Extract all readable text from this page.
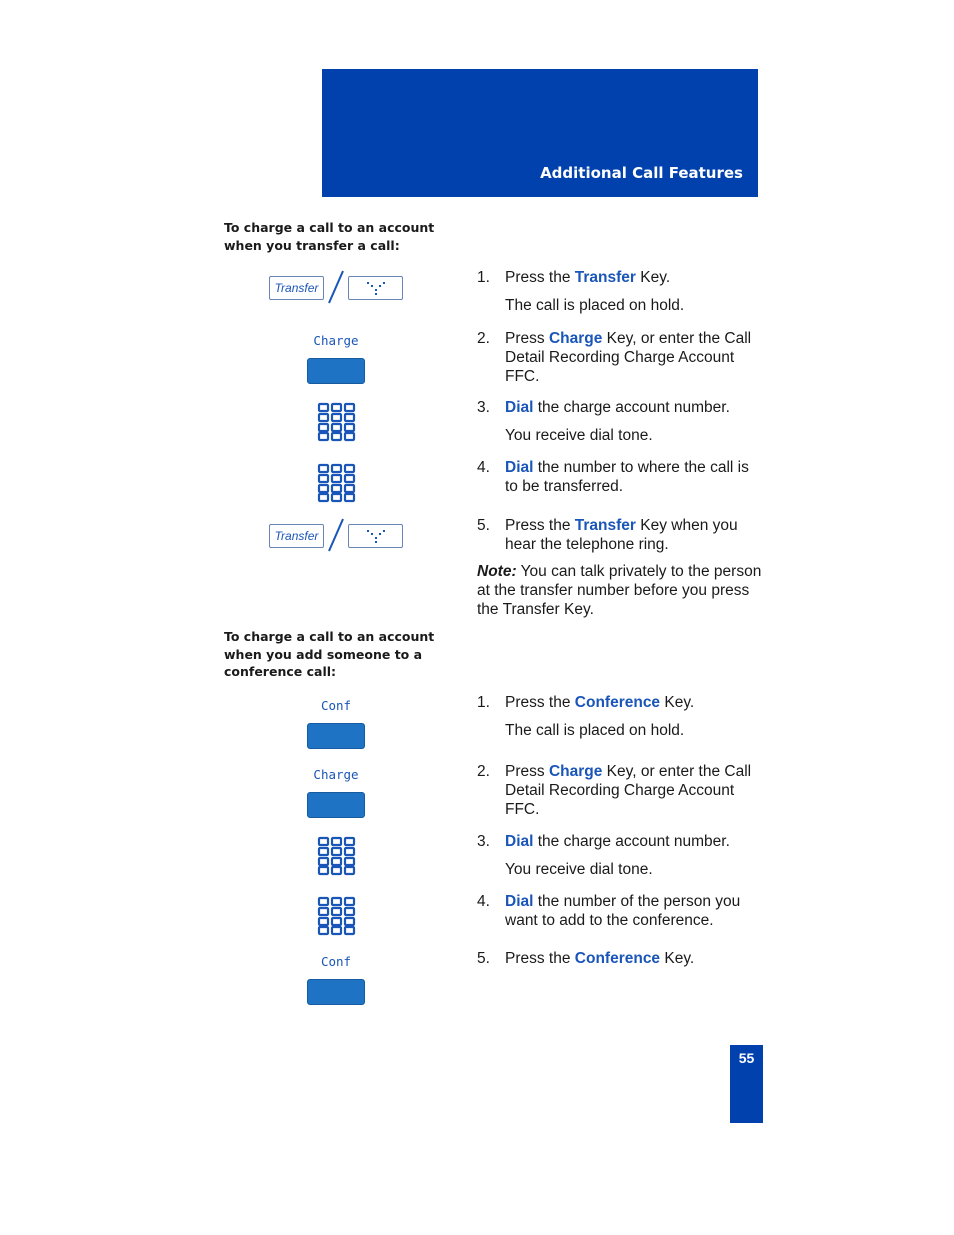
Additional Call Features
To charge a call to an account when you transfer a call:
Transfer
Charge
Transfer
1. Press the Transfer Key.
The call is placed on hold.
2. Press Charge Key, or enter the Call Detail Recording Charge Account FFC.
3. Dial the charge account number.
You receive dial tone.
4. Dial the number to where the call is to be transferred.
5. Press the Transfer Key when you hear the telephone ring.
Note: You can talk privately to the person at the transfer number before you press the Transfer Key.
To charge a call to an account when you add someone to a conference call:
Conf
Charge
Conf
1. Press the Conference Key.
The call is placed on hold.
2. Press Charge Key, or enter the Call Detail Recording Charge Account FFC.
3. Dial the charge account number.
You receive dial tone.
4. Dial the number of the person you want to add to the conference.
5. Press the Conference Key.
55
